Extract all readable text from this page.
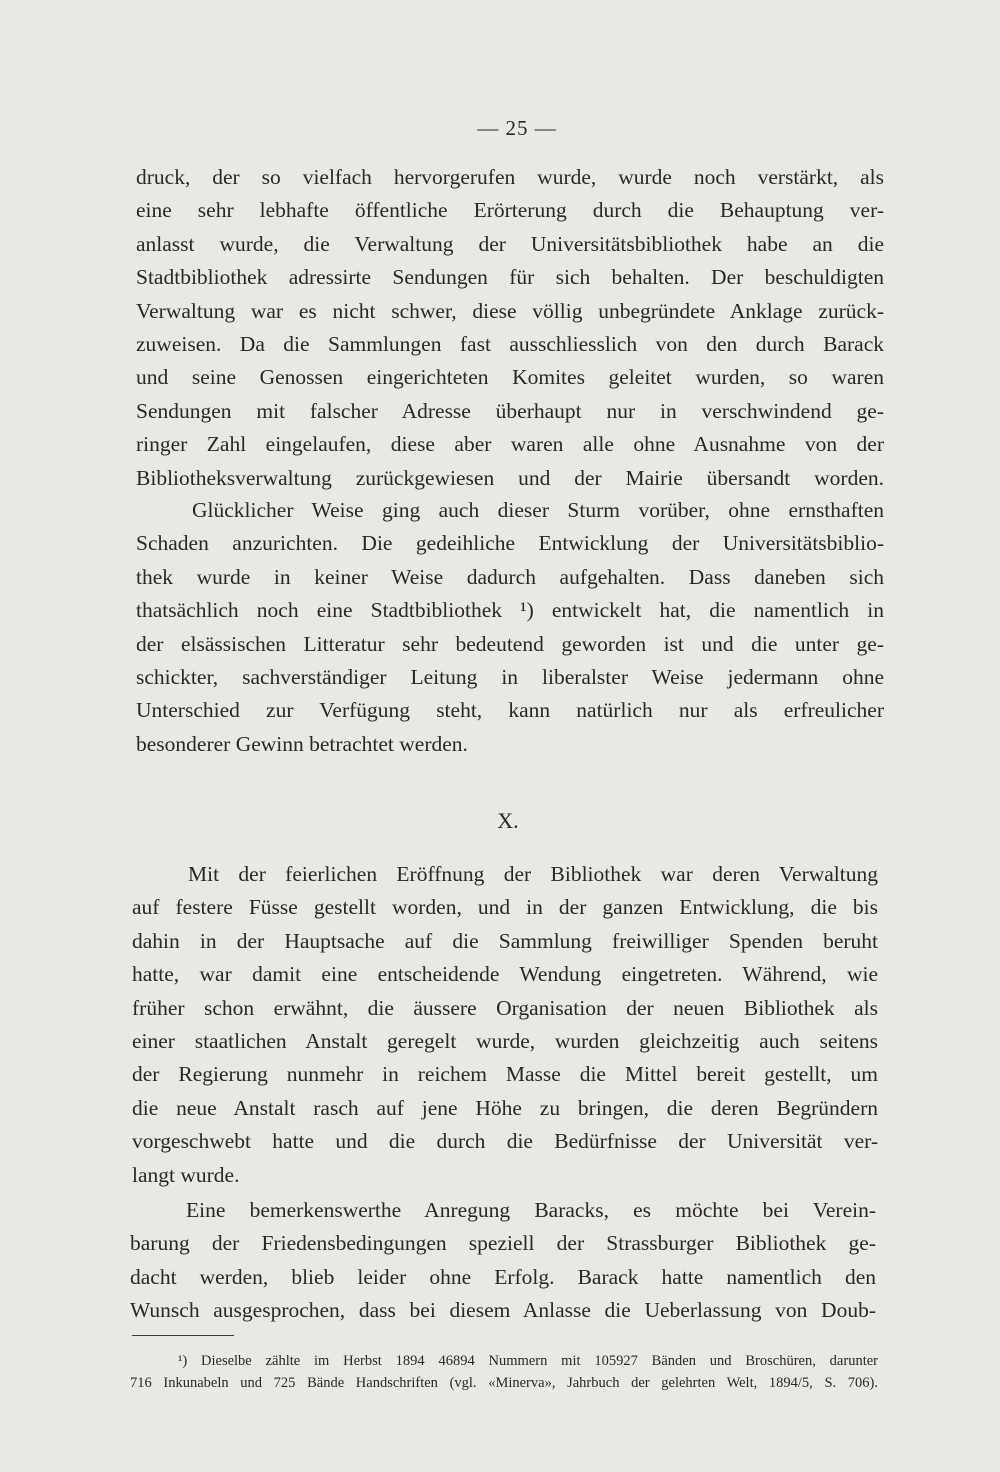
— 25 —
druck, der so vielfach hervorgerufen wurde, wurde noch verstärkt, als
eine sehr lebhafte öffentliche Erörterung durch die Behauptung ver-
anlasst wurde, die Verwaltung der Universitätsbibliothek habe an die
Stadtbibliothek adressirte Sendungen für sich behalten. Der beschuldigten
Verwaltung war es nicht schwer, diese völlig unbegründete Anklage zurück-
zuweisen. Da die Sammlungen fast ausschliesslich von den durch Barack
und seine Genossen eingerichteten Komites geleitet wurden, so waren
Sendungen mit falscher Adresse überhaupt nur in verschwindend ge-
ringer Zahl eingelaufen, diese aber waren alle ohne Ausnahme von der
Bibliotheksverwaltung zurückgewiesen und der Mairie übersandt worden.
Glücklicher Weise ging auch dieser Sturm vorüber, ohne ernsthaften
Schaden anzurichten. Die gedeihliche Entwicklung der Universitätsbiblio-
thek wurde in keiner Weise dadurch aufgehalten. Dass daneben sich
thatsächlich noch eine Stadtbibliothek ¹) entwickelt hat, die namentlich in
der elsässischen Litteratur sehr bedeutend geworden ist und die unter ge-
schickter, sachverständiger Leitung in liberalster Weise jedermann ohne
Unterschied zur Verfügung steht, kann natürlich nur als erfreulicher
besonderer Gewinn betrachtet werden.
X.
Mit der feierlichen Eröffnung der Bibliothek war deren Verwaltung
auf festere Füsse gestellt worden, und in der ganzen Entwicklung, die bis
dahin in der Hauptsache auf die Sammlung freiwilliger Spenden beruht
hatte, war damit eine entscheidende Wendung eingetreten. Während, wie
früher schon erwähnt, die äussere Organisation der neuen Bibliothek als
einer staatlichen Anstalt geregelt wurde, wurden gleichzeitig auch seitens
der Regierung nunmehr in reichem Masse die Mittel bereit gestellt, um
die neue Anstalt rasch auf jene Höhe zu bringen, die deren Begründern
vorgeschwebt hatte und die durch die Bedürfnisse der Universität ver-
langt wurde.
Eine bemerkenswerthe Anregung Baracks, es möchte bei Verein-
barung der Friedensbedingungen speziell der Strassburger Bibliothek ge-
dacht werden, blieb leider ohne Erfolg. Barack hatte namentlich den
Wunsch ausgesprochen, dass bei diesem Anlasse die Ueberlassung von Doub-
¹) Dieselbe zählte im Herbst 1894 46894 Nummern mit 105927 Bänden und Broschüren, darunter
716 Inkunabeln und 725 Bände Handschriften (vgl. «Minerva», Jahrbuch der gelehrten Welt, 1894/5, S. 706).
